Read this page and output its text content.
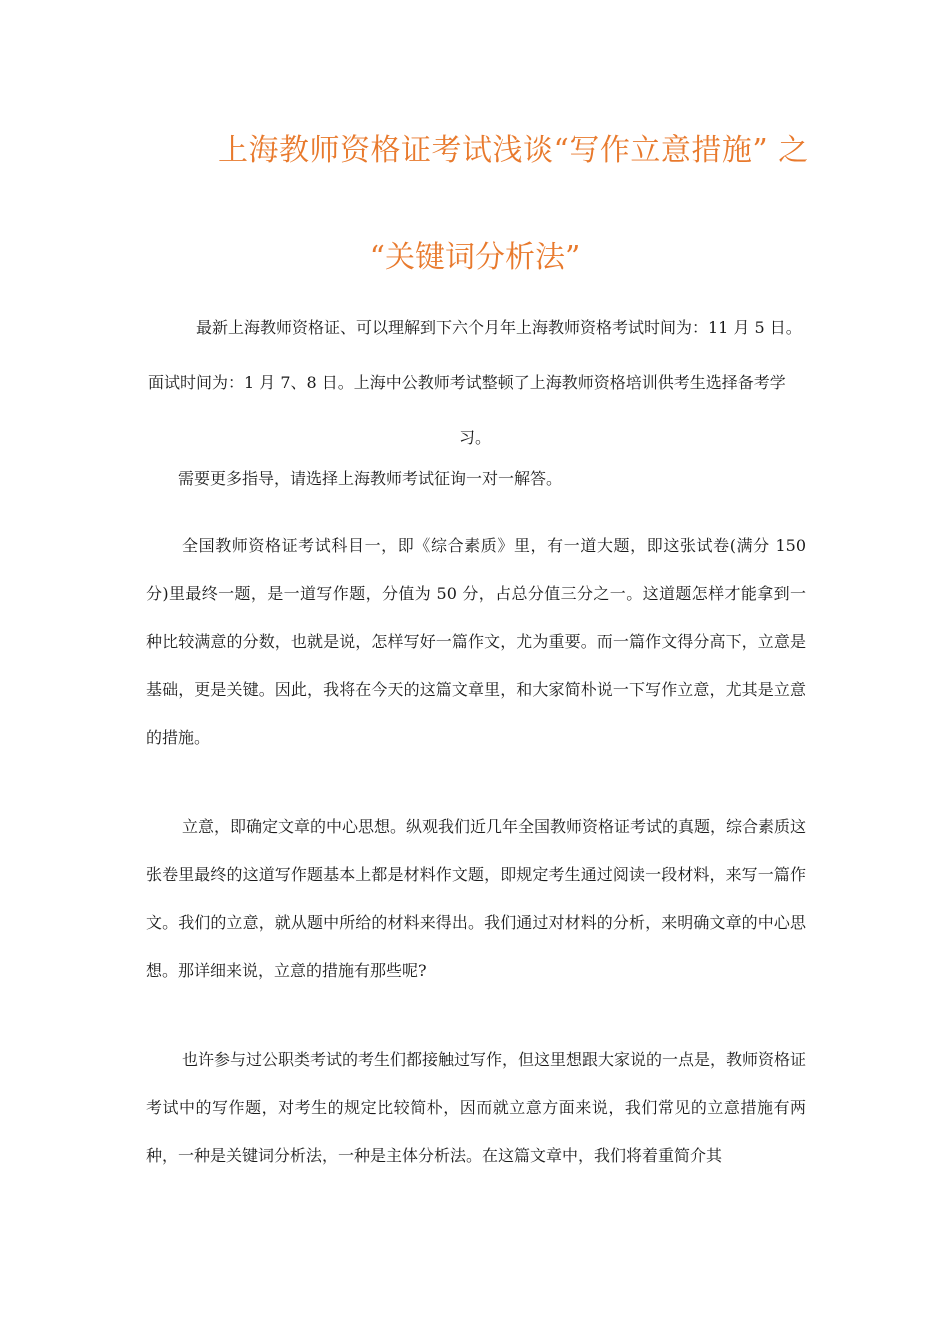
上海教师资格证考试浅谈“写作立意措施” 之
“关键词分析法”
最新上海教师资格证、可以理解到下六个月年上海教师资格考试时间为：11 月 5 日。
面试时间为：1 月 7、8 日。上海中公教师考试整顿了上海教师资格培训供考生选择备考学
习。
需要更多指导，请选择上海教师考试征询一对一解答。

全国教师资格证考试科目一，即《综合素质》里，有一道大题，即这张试卷(满分 150 分)里最终一题，是一道写作题，分值为 50 分，占总分值三分之一。这道题怎样才能拿到一种比较满意的分数，也就是说，怎样写好一篇作文，尤为重要。而一篇作文得分高下，立意是基础，更是关键。因此，我将在今天的这篇文章里，和大家简朴说一下写作立意，尤其是立意的措施。

立意，即确定文章的中心思想。纵观我们近几年全国教师资格证考试的真题，综合素质这张卷里最终的这道写作题基本上都是材料作文题，即规定考生通过阅读一段材料，来写一篇作文。我们的立意，就从题中所给的材料来得出。我们通过对材料的分析，来明确文章的中心思想。那详细来说，立意的措施有那些呢?

也许参与过公职类考试的考生们都接触过写作，但这里想跟大家说的一点是，教师资格证考试中的写作题，对考生的规定比较简朴，因而就立意方面来说，我们常见的立意措施有两种，一种是关键词分析法，一种是主体分析法。在这篇文章中，我们将着重简介其
